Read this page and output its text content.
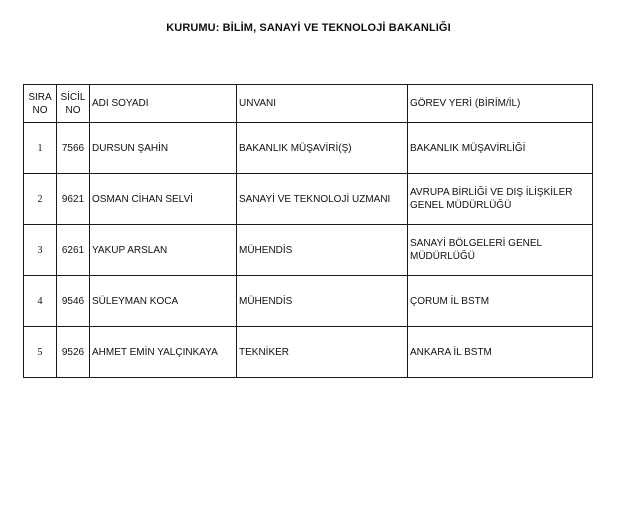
KURUMU: BİLİM, SANAYİ VE TEKNOLOJİ BAKANLIĞI
SIRA NO	SİCİL NO	ADI SOYADI	UNVANI	GÖREV YERİ (BİRİM/İL)
1	7566	DURSUN ŞAHİN	BAKANLIK MÜŞAVİRİ(Ş)	BAKANLIK MÜŞAVİRLİĞİ
2	9621	OSMAN CİHAN SELVİ	SANAYİ VE TEKNOLOJİ UZMANI	AVRUPA BİRLİĞİ VE DIŞ İLİŞKİLER GENEL MÜDÜRLÜĞÜ
3	6261	YAKUP ARSLAN	MÜHENDİS	SANAYİ BÖLGELERİ GENEL MÜDÜRLÜĞÜ
4	9546	SÜLEYMAN KOCA	MÜHENDİS	ÇORUM İL BSTM
5	9526	AHMET EMİN YALÇINKAYA	TEKNİKER	ANKARA İL BSTM
